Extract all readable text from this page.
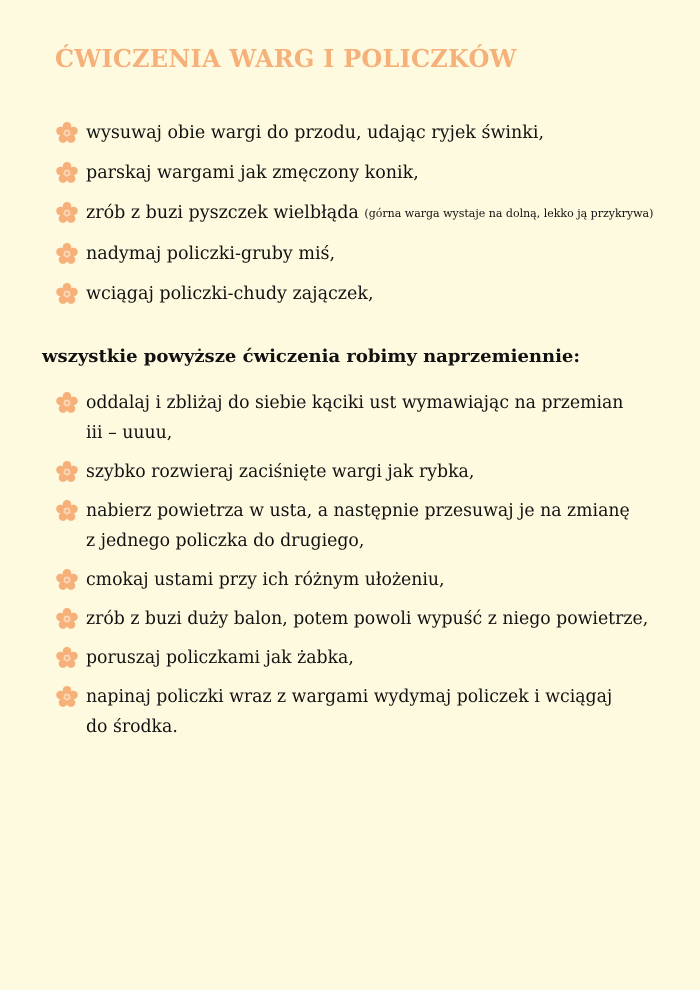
ĆWICZENIA WARG I POLICZKÓW
wysuwaj obie wargi do przodu, udając ryjek świnki,
parskaj wargami jak zmęczony konik,
zrób z buzi pyszczek wielbłąda (górna warga wystaje na dolną, lekko ją przykrywa)
nadymaj policzki-gruby miś,
wciągaj policzki-chudy zajączek,
wszystkie powyższe ćwiczenia robimy naprzemiennie:
oddalaj i zbliżaj do siebie kąciki ust wymawiając na przemian
iii – uuuu,
szybko rozwieraj zaciśnięte wargi jak rybka,
nabierz powietrza w usta, a następnie przesuwaj je na zmianę
z jednego policzka do drugiego,
cmokaj ustami przy ich różnym ułożeniu,
zrób z buzi duży balon, potem powoli wypuść z niego powietrze,
poruszaj policzkami jak żabka,
napinaj policzki wraz z wargami wydymaj policzek i wciągaj
do środka.
